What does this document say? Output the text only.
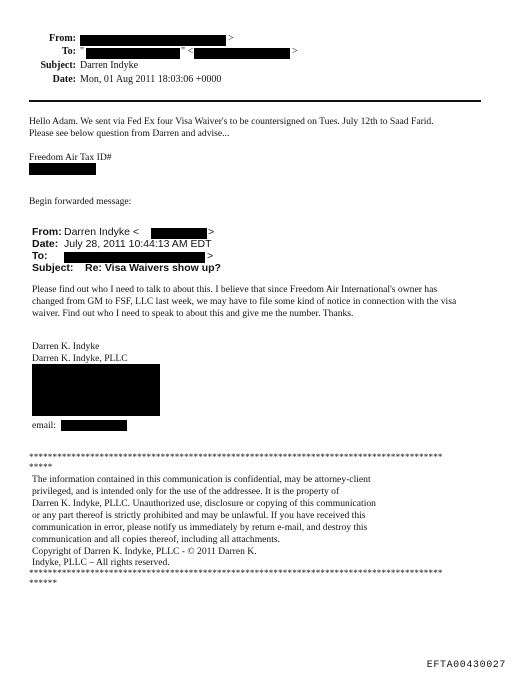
From:	>
To: "	" <	>
Subject: Darren Indyke
Date: Mon, 01 Aug 2011 18:03:06 +0000
Hello Adam. We sent via Fed Ex four Visa Waiver's to be countersigned on Tues. July 12th to Saad Farid.
Please see below question from Darren and advise...
Freedom Air Tax ID#
Begin forwarded message:
From: Darren Indyke <	>
Date: July 28, 2011 10:44:13 AM EDT
To:	>
Subject: Re: Visa Waivers show up?
Please find out who I need to talk to about this. I believe that since Freedom Air International's owner has
changed from GM to FSF, LLC last week, we may have to file some kind of notice in connection with the visa
waiver. Find out who I need to speak to about this and give me the number. Thanks.
Darren K. Indyke
Darren K. Indyke, PLLC
email:
****************************************************************************************
*****
The information contained in this communication is confidential, may be attorney-client
privileged, and is intended only for the use of the addressee. It is the property of
Darren K. Indyke, PLLC. Unauthorized use, disclosure or copying of this communication
or any part thereof is strictly prohibited and may be unlawful. If you have received this
communication in error, please notify us immediately by return e-mail, and destroy this
communication and all copies thereof, including all attachments.
Copyright of Darren K. Indyke, PLLC - © 2011 Darren K.
Indyke, PLLC – All rights reserved.
****************************************************************************************
******
EFTA00430027
